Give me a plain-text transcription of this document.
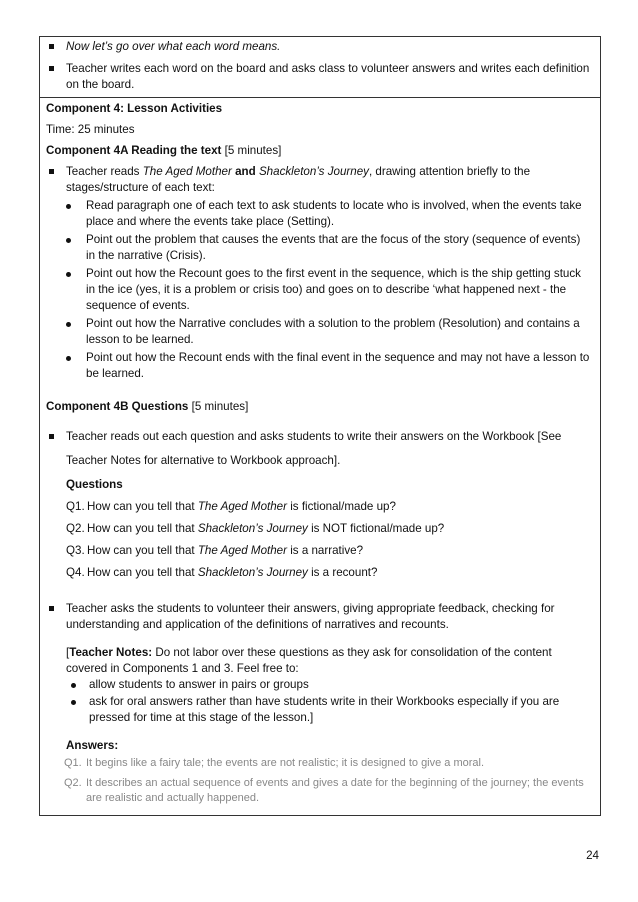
Now let’s go over what each word means.
Teacher writes each word on the board and asks class to volunteer answers and writes each definition on the board.

Component 4: Lesson Activities

Time: 25 minutes

Component 4A Reading the text [5 minutes]

Teacher reads The Aged Mother and Shackleton’s Journey, drawing attention briefly to the stages/structure of each text:
Read paragraph one of each text to ask students to locate who is involved, when the events take place and where the events take place (Setting).
Point out the problem that causes the events that are the focus of the story (sequence of events) in the narrative (Crisis).
Point out how the Recount goes to the first event in the sequence, which is the ship getting stuck in the ice (yes, it is a problem or crisis too) and goes on to describe ‘what happened next - the sequence of events.
Point out how the Narrative concludes with a solution to the problem (Resolution) and contains a lesson to be learned.
Point out how the Recount ends with the final event in the sequence and may not have a lesson to be learned.

Component 4B Questions [5 minutes]

Teacher reads out each question and asks students to write their answers on the Workbook [See

Teacher Notes for alternative to Workbook approach].

Questions

Q1. How can you tell that The Aged Mother is fictional/made up?
Q2. How can you tell that Shackleton’s Journey is NOT fictional/made up?
Q3. How can you tell that The Aged Mother is a narrative?
Q4. How can you tell that Shackleton’s Journey is a recount?
Teacher asks the students to volunteer their answers, giving appropriate feedback, checking for understanding and application of the definitions of narratives and recounts.

[Teacher Notes: Do not labor over these questions as they ask for consolidation of the content covered in Components 1 and 3. Feel free to:

allow students to answer in pairs or groups
ask for oral answers rather than have students write in their Workbooks especially if you are pressed for time at this stage of the lesson.]

Answers:

Q1. It begins like a fairy tale; the events are not realistic; it is designed to give a moral.
Q2. It describes an actual sequence of events and gives a date for the beginning of the journey; the events are realistic and actually happened.
24
